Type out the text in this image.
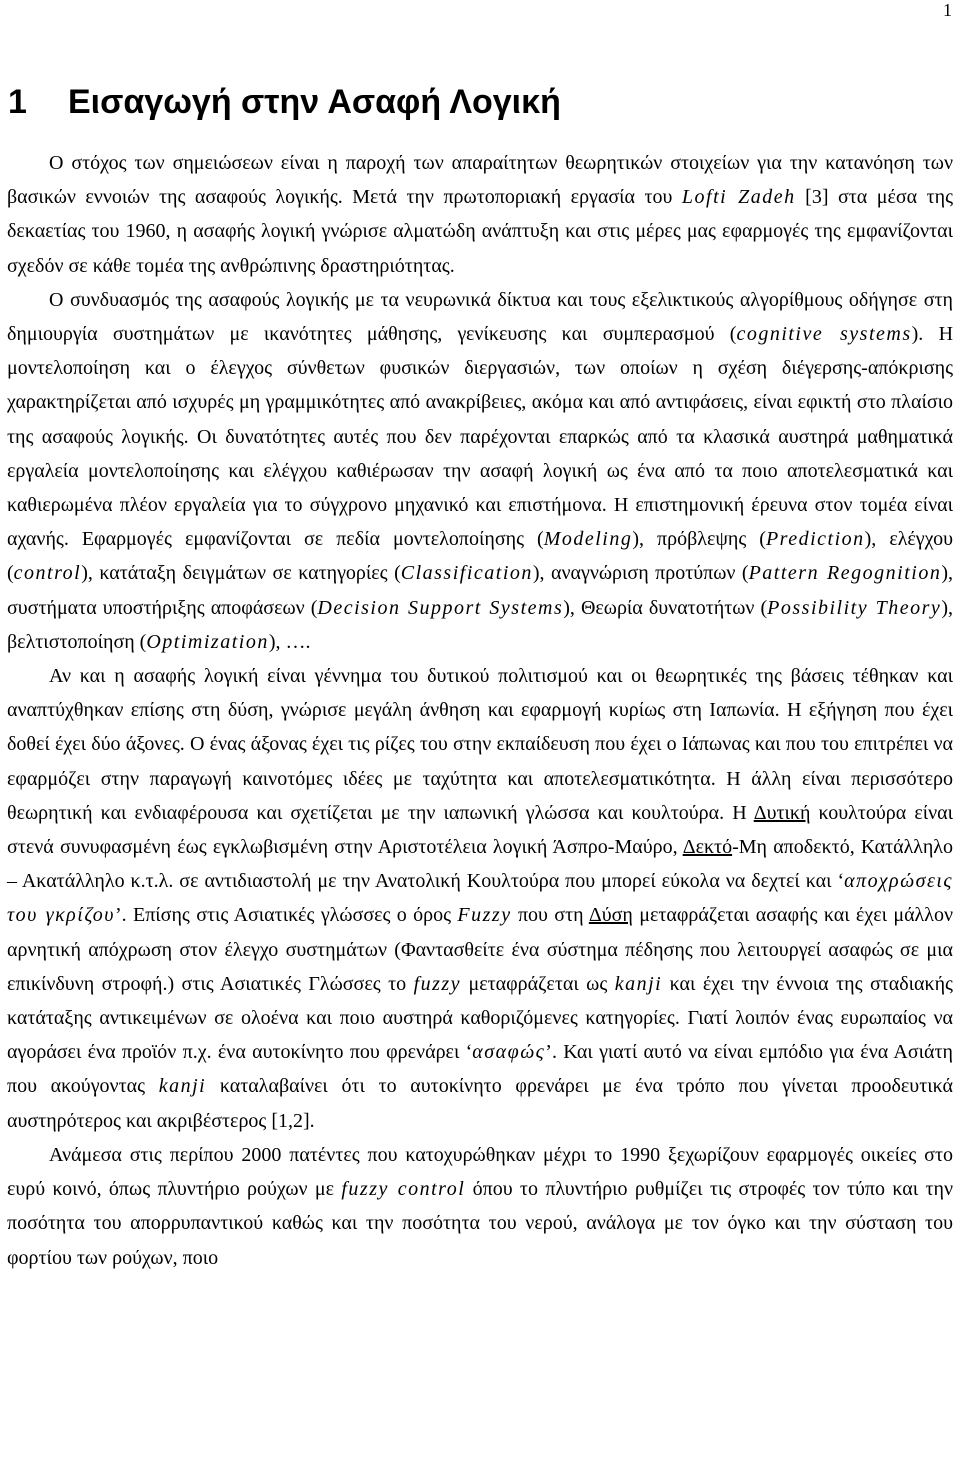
1
1 Εισαγωγή στην Ασαφή Λογική

Ο στόχος των σημειώσεων είναι η παροχή των απαραίτητων θεωρητικών στοιχείων για την κατανόηση των βασικών εννοιών της ασαφούς λογικής. Μετά την πρωτοποριακή εργασία του Lofti Zadeh [3] στα μέσα της δεκαετίας του 1960, η ασαφής λογική γνώρισε αλματώδη ανάπτυξη και στις μέρες μας εφαρμογές της εμφανίζονται σχεδόν σε κάθε τομέα της ανθρώπινης δραστηριότητας.

Ο συνδυασμός της ασαφούς λογικής με τα νευρωνικά δίκτυα και τους εξελικτικούς αλγορίθμους οδήγησε στη δημιουργία συστημάτων με ικανότητες μάθησης, γενίκευσης και συμπερασμού (cognitive systems). Η μοντελοποίηση και ο έλεγχος σύνθετων φυσικών διεργασιών, των οποίων η σχέση διέγερσης-απόκρισης χαρακτηρίζεται από ισχυρές μη γραμμικότητες από ανακρίβειες, ακόμα και από αντιφάσεις, είναι εφικτή στο πλαίσιο της ασαφούς λογικής. Οι δυνατότητες αυτές που δεν παρέχονται επαρκώς από τα κλασικά αυστηρά μαθηματικά εργαλεία μοντελοποίησης και ελέγχου καθιέρωσαν την ασαφή λογική ως ένα από τα ποιο αποτελεσματικά και καθιερωμένα πλέον εργαλεία για το σύγχρονο μηχανικό και επιστήμονα. Η επιστημονική έρευνα στον τομέα είναι αχανής. Εφαρμογές εμφανίζονται σε πεδία μοντελοποίησης (Modeling), πρόβλεψης (Prediction), ελέγχου (control), κατάταξη δειγμάτων σε κατηγορίες (Classification), αναγνώριση προτύπων (Pattern Regognition), συστήματα υποστήριξης αποφάσεων (Decision Support Systems), Θεωρία δυνατοτήτων (Possibility Theory), βελτιστοποίηση (Optimization), ….

Αν και η ασαφής λογική είναι γέννημα του δυτικού πολιτισμού και οι θεωρητικές της βάσεις τέθηκαν και αναπτύχθηκαν επίσης στη δύση, γνώρισε μεγάλη άνθηση και εφαρμογή κυρίως στη Ιαπωνία. Η εξήγηση που έχει δοθεί έχει δύο άξονες. Ο ένας άξονας έχει τις ρίζες του στην εκπαίδευση που έχει ο Ιάπωνας και που του επιτρέπει να εφαρμόζει στην παραγωγή καινοτόμες ιδέες με ταχύτητα και αποτελεσματικότητα. Η άλλη είναι περισσότερο θεωρητική και ενδιαφέρουσα και σχετίζεται με την ιαπωνική γλώσσα και κουλτούρα. Η Δυτική κουλτούρα είναι στενά συνυφασμένη έως εγκλωβισμένη στην Αριστοτέλεια λογική Άσπρο-Μαύρο, Δεκτό-Μη αποδεκτό, Κατάλληλο – Ακατάλληλο κ.τ.λ. σε αντιδιαστολή με την Ανατολική Κουλτούρα που μπορεί εύκολα να δεχτεί και ‘αποχρώσεις του γκρίζου’. Επίσης στις Ασιατικές γλώσσες ο όρος Fuzzy που στη Δύση μεταφράζεται ασαφής και έχει μάλλον αρνητική απόχρωση στον έλεγχο συστημάτων (Φαντασθείτε ένα σύστημα πέδησης που λειτουργεί ασαφώς σε μια επικίνδυνη στροφή.) στις Ασιατικές Γλώσσες το fuzzy μεταφράζεται ως kanji και έχει την έννοια της σταδιακής κατάταξης αντικειμένων σε ολοένα και ποιο αυστηρά καθοριζόμενες κατηγορίες. Γιατί λοιπόν ένας ευρωπαίος να αγοράσει ένα προϊόν π.χ. ένα αυτοκίνητο που φρενάρει ‘ασαφώς’. Και γιατί αυτό να είναι εμπόδιο για ένα Ασιάτη που ακούγοντας kanji καταλαβαίνει ότι το αυτοκίνητο φρενάρει με ένα τρόπο που γίνεται προοδευτικά αυστηρότερος και ακριβέστερος [1,2].

Ανάμεσα στις περίπου 2000 πατέντες που κατοχυρώθηκαν μέχρι το 1990 ξεχωρίζουν εφαρμογές οικείες στο ευρύ κοινό, όπως πλυντήριο ρούχων με fuzzy control όπου το πλυντήριο ρυθμίζει τις στροφές τον τύπο και την ποσότητα του απορρυπαντικού καθώς και την ποσότητα του νερού, ανάλογα με τον όγκο και την σύσταση του φορτίου των ρούχων, ποιο
